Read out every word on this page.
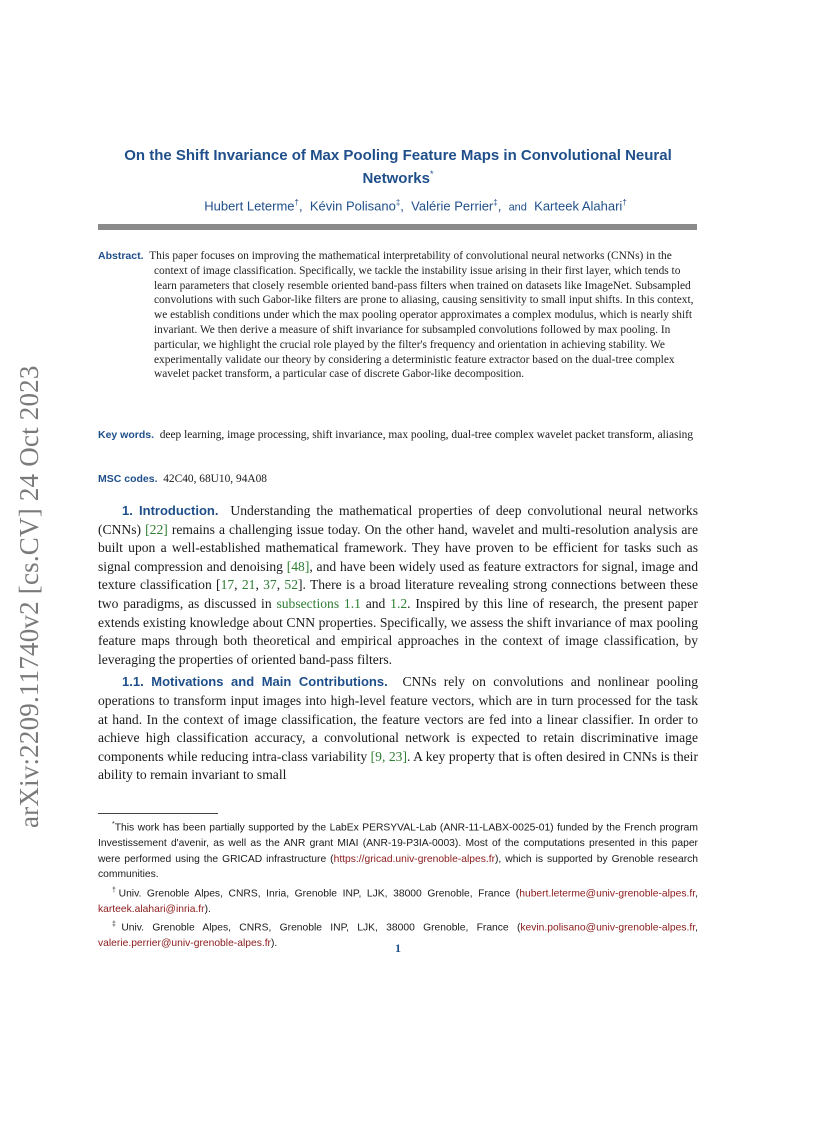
arXiv:2209.11740v2 [cs.CV] 24 Oct 2023
On the Shift Invariance of Max Pooling Feature Maps in Convolutional Neural Networks*
Hubert Leterme†,  Kévin Polisano‡,  Valérie Perrier‡,  and Karteek Alahari†

Abstract. This paper focuses on improving the mathematical interpretability of convolutional neural networks (CNNs) in the context of image classification. Specifically, we tackle the instability issue arising in their first layer, which tends to learn parameters that closely resemble oriented band-pass filters when trained on datasets like ImageNet. Subsampled convolutions with such Gabor-like filters are prone to aliasing, causing sensitivity to small input shifts. In this context, we establish conditions under which the max pooling operator approximates a complex modulus, which is nearly shift invariant. We then derive a measure of shift invariance for subsampled convolutions followed by max pooling. In particular, we highlight the crucial role played by the filter's frequency and orientation in achieving stability. We experimentally validate our theory by considering a deterministic feature extractor based on the dual-tree complex wavelet packet transform, a particular case of discrete Gabor-like decomposition.

Key words. deep learning, image processing, shift invariance, max pooling, dual-tree complex wavelet packet transform, aliasing

MSC codes. 42C40, 68U10, 94A08

1. Introduction. Understanding the mathematical properties of deep convolutional neural networks (CNNs) [22] remains a challenging issue today. On the other hand, wavelet and multi-resolution analysis are built upon a well-established mathematical framework. They have proven to be efficient for tasks such as signal compression and denoising [48], and have been widely used as feature extractors for signal, image and texture classification [17, 21, 37, 52]. There is a broad literature revealing strong connections between these two paradigms, as discussed in subsections 1.1 and 1.2. Inspired by this line of research, the present paper extends existing knowledge about CNN properties. Specifically, we assess the shift invariance of max pooling feature maps through both theoretical and empirical approaches in the context of image classification, by leveraging the properties of oriented band-pass filters.

1.1. Motivations and Main Contributions. CNNs rely on convolutions and nonlinear pooling operations to transform input images into high-level feature vectors, which are in turn processed for the task at hand. In the context of image classification, the feature vectors are fed into a linear classifier. In order to achieve high classification accuracy, a convolutional network is expected to retain discriminative image components while reducing intra-class variability [9, 23]. A key property that is often desired in CNNs is their ability to remain invariant to small

*This work has been partially supported by the LabEx PERSYVAL-Lab (ANR-11-LABX-0025-01) funded by the French program Investissement d'avenir, as well as the ANR grant MIAI (ANR-19-P3IA-0003). Most of the computations presented in this paper were performed using the GRICAD infrastructure (https://gricad.univ-grenoble-alpes.fr), which is supported by Grenoble research communities.

†Univ. Grenoble Alpes, CNRS, Inria, Grenoble INP, LJK, 38000 Grenoble, France (hubert.leterme@univ-grenoble-alpes.fr, karteek.alahari@inria.fr).

‡Univ. Grenoble Alpes, CNRS, Grenoble INP, LJK, 38000 Grenoble, France (kevin.polisano@univ-grenoble-alpes.fr, valerie.perrier@univ-grenoble-alpes.fr).	1
